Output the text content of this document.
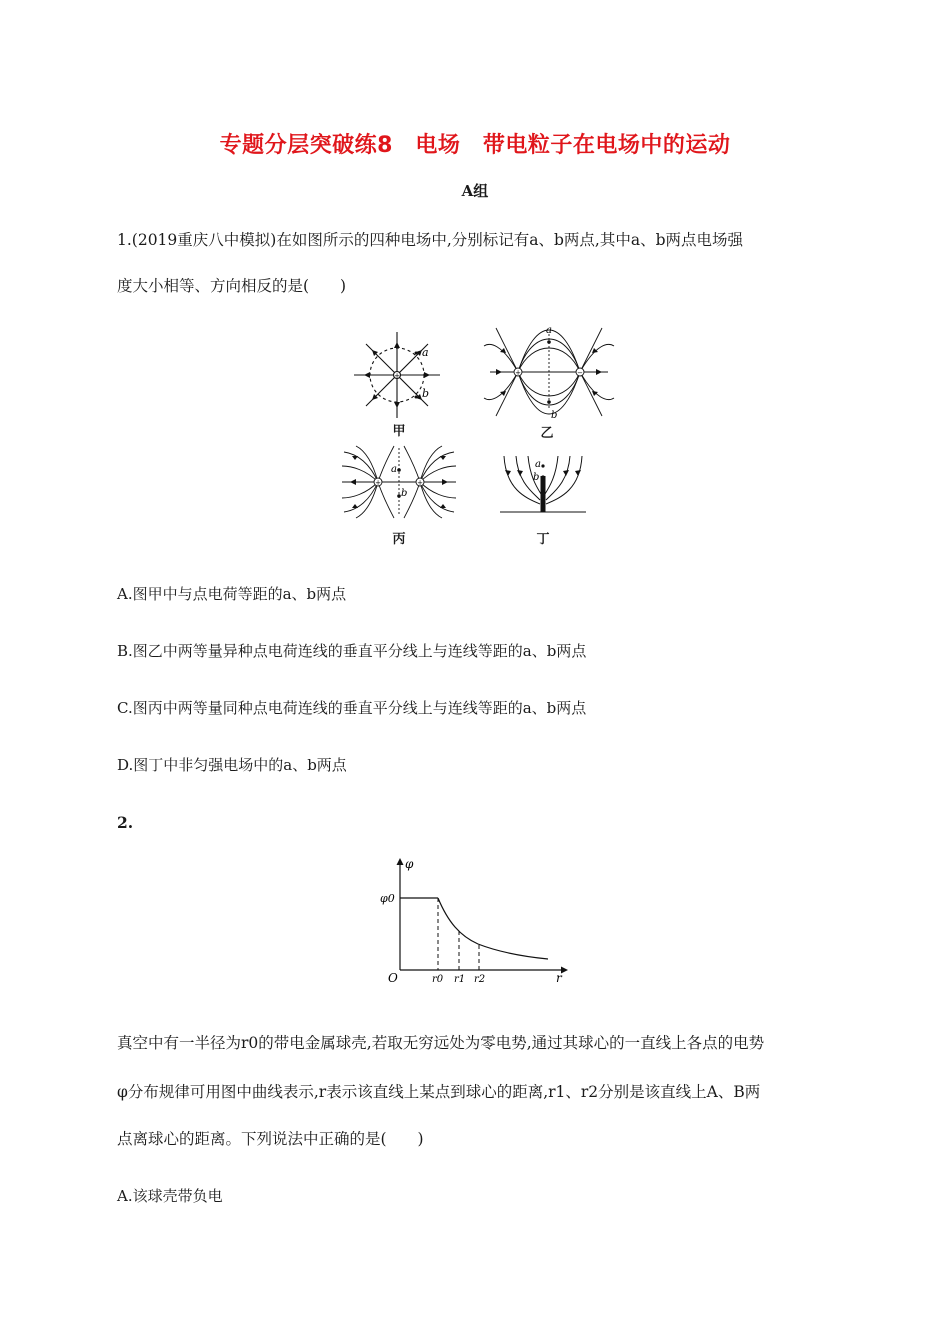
专题分层突破练8　电场　带电粒子在电场中的运动
A组
1.(2019重庆八中模拟)在如图所示的四种电场中,分别标记有a、b两点,其中a、b两点电场强
度大小相等、方向相反的是(　　)
+
a
b
甲
+	−
a
b
乙
+	+
a
b
丙
a
b
丁
A.图甲中与点电荷等距的a、b两点
B.图乙中两等量异种点电荷连线的垂直平分线上与连线等距的a、b两点
C.图丙中两等量同种点电荷连线的垂直平分线上与连线等距的a、b两点
D.图丁中非匀强电场中的a、b两点
2.
φ
φ0
O	r
r0 r1 r2
真空中有一半径为r0的带电金属球壳,若取无穷远处为零电势,通过其球心的一直线上各点的电势
φ分布规律可用图中曲线表示,r表示该直线上某点到球心的距离,r1、r2分别是该直线上A、B两
点离球心的距离。下列说法中正确的是(　　)
A.该球壳带负电
